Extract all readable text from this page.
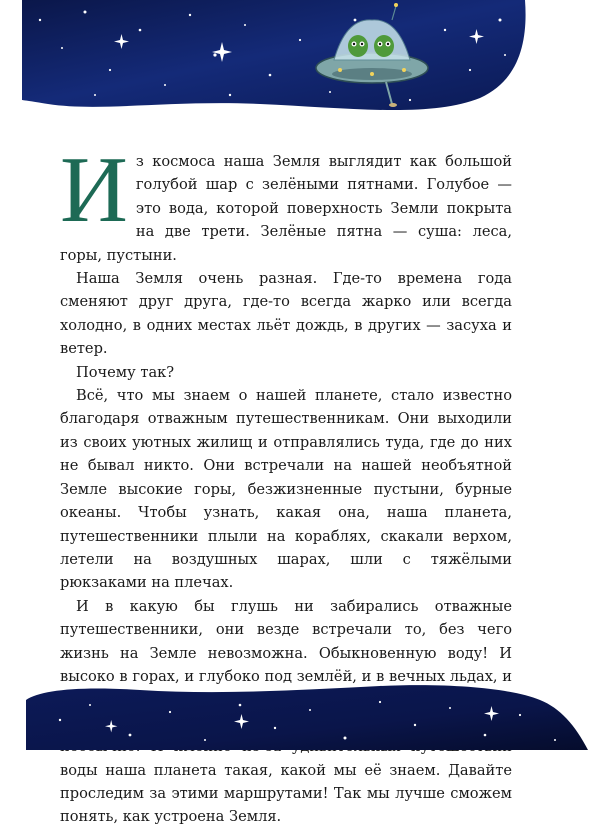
Из космоса наша Земля выглядит как большой голубой шар с зелёными пятнами. Голубое — это вода, которой поверхность Земли покрыта на две трети. Зелёные пятна — суша: леса, горы, пустыни.

Наша Земля очень разная. Где-то времена года сменяют друг друга, где-то всегда жарко или всегда холодно, в одних местах льёт дождь, в других — засуха и ветер.

Почему так?

Всё, что мы знаем о нашей планете, стало известно благодаря отважным путешественникам. Они выходили из своих уютных жилищ и отправлялись туда, где до них не бывал никто. Они встречали на нашей необъятной Земле высокие горы, безжизненные пустыни, бурные океаны. Чтобы узнать, какая она, наша планета, путешественники плыли на кораблях, скакали верхом, летели на воздушных шарах, шли с тяжёлыми рюкзаками на плечах.

И в какую бы глушь ни забирались отважные путешественники, они везде встречали то, без чего жизнь на Земле невозможна. Обыкновенную воду! И высоко в горах, и глубоко под землёй, и в вечных льдах, и

воды наша планета такая, какой мы её знаем. Давайте проследим за этими маршрутами! Так мы лучше сможем понять, как устроена Земля.
